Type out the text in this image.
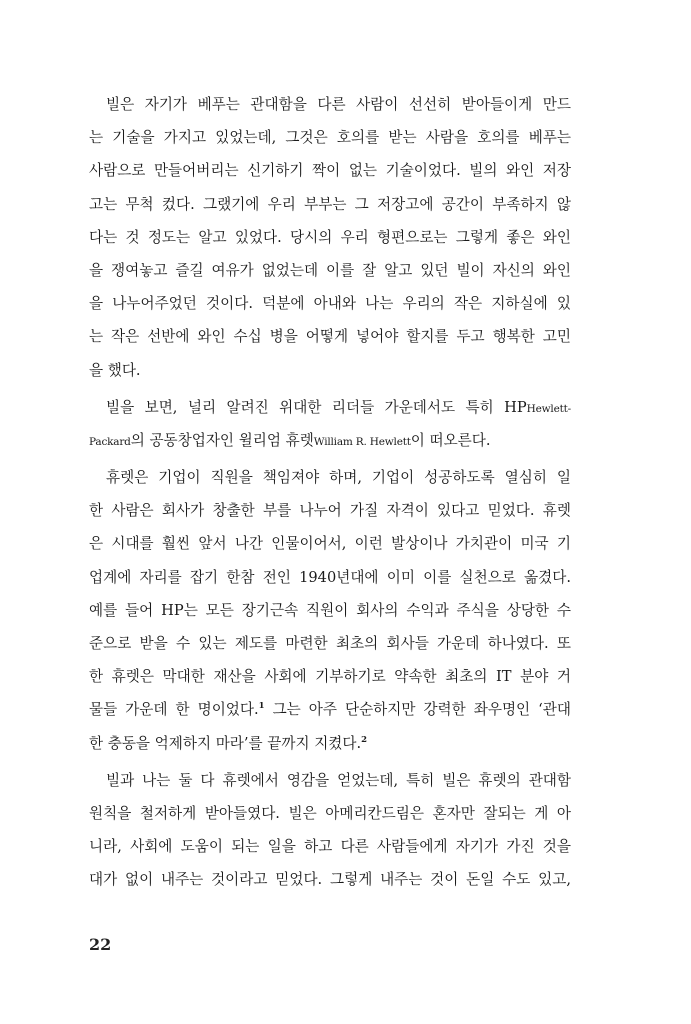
빌은 자기가 베푸는 관대함을 다른 사람이 선선히 받아들이게 만드
는 기술을 가지고 있었는데, 그것은 호의를 받는 사람을 호의를 베푸는
사람으로 만들어버리는 신기하기 짝이 없는 기술이었다. 빌의 와인 저장
고는 무척 컸다. 그랬기에 우리 부부는 그 저장고에 공간이 부족하지 않
다는 것 정도는 알고 있었다. 당시의 우리 형편으로는 그렇게 좋은 와인
을 쟁여놓고 즐길 여유가 없었는데 이를 잘 알고 있던 빌이 자신의 와인
을 나누어주었던 것이다. 덕분에 아내와 나는 우리의 작은 지하실에 있
는 작은 선반에 와인 수십 병을 어떻게 넣어야 할지를 두고 행복한 고민
을 했다.
빌을 보면, 널리 알려진 위대한 리더들 가운데서도 특히 HPHewlett-
Packard의 공동창업자인 윌리엄 휴렛William R. Hewlett이 떠오른다.
휴렛은 기업이 직원을 책임져야 하며, 기업이 성공하도록 열심히 일
한 사람은 회사가 창출한 부를 나누어 가질 자격이 있다고 믿었다. 휴렛
은 시대를 훨씬 앞서 나간 인물이어서, 이런 발상이나 가치관이 미국 기
업계에 자리를 잡기 한참 전인 1940년대에 이미 이를 실천으로 옮겼다.
예를 들어 HP는 모든 장기근속 직원이 회사의 수익과 주식을 상당한 수
준으로 받을 수 있는 제도를 마련한 최초의 회사들 가운데 하나였다. 또
한 휴렛은 막대한 재산을 사회에 기부하기로 약속한 최초의 IT 분야 거
물들 가운데 한 명이었다.$^1$ 그는 아주 단순하지만 강력한 좌우명인 ‘관대
한 충동을 억제하지 마라’를 끝까지 지켰다.$^2$
빌과 나는 둘 다 휴렛에서 영감을 얻었는데, 특히 빌은 휴렛의 관대함
원칙을 철저하게 받아들였다. 빌은 아메리칸드림은 혼자만 잘되는 게 아
니라, 사회에 도움이 되는 일을 하고 다른 사람들에게 자기가 가진 것을
대가 없이 내주는 것이라고 믿었다. 그렇게 내주는 것이 돈일 수도 있고,
22
